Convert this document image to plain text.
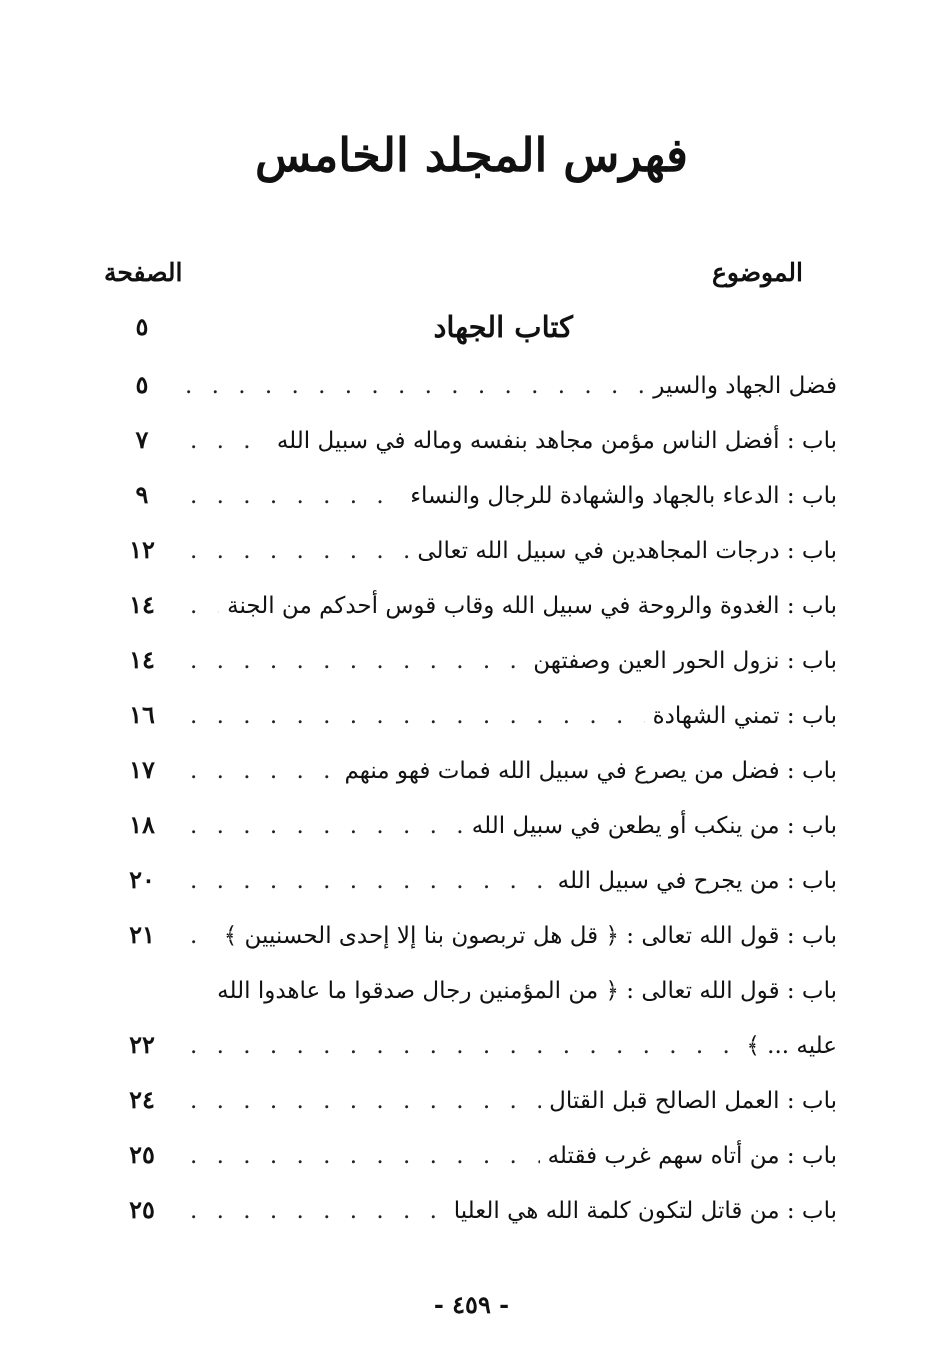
فهرس المجلد الخامس
الموضوع
الصفحة
كتاب الجهاد
٥
فضل الجهاد والسير
. . .
٥
باب : أفضل الناس مؤمن مجاهد بنفسه وماله في سبيل الله
. . .
٧
باب : الدعاء بالجهاد والشهادة للرجال والنساء
. . .
٩
باب : درجات المجاهدين في سبيل الله تعالى
. . .
١٢
باب : الغدوة والروحة في سبيل الله وقاب قوس أحدكم من الجنة
. . .
١٤
باب : نزول الحور العين وصفتهن
. . .
١٤
باب : تمني الشهادة
. . .
١٦
باب : فضل من يصرع في سبيل الله فمات فهو منهم
. . .
١٧
باب : من ينكب أو يطعن في سبيل الله
. . .
١٨
باب : من يجرح في سبيل الله
. . .
٢٠
باب : قول الله تعالى : ﴿ قل هل تربصون بنا إلا إحدى الحسنيين ﴾
. . .
٢١
باب : قول الله تعالى : ﴿ من المؤمنين رجال صدقوا ما عاهدوا الله
عليه ... ﴾
. . .
٢٢
باب : العمل الصالح قبل القتال
. . .
٢٤
باب : من أتاه سهم غرب فقتله
. . .
٢٥
باب : من قاتل لتكون كلمة الله هي العليا
. . .
٢٥
- ٤٥٩ -
